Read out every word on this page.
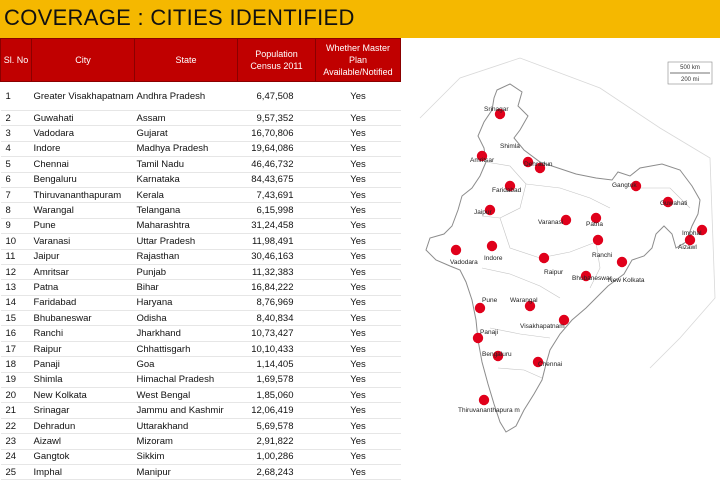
COVERAGE : CITIES IDENTIFIED
Sl. No	City	State	Population Census 2011	Whether Master Plan Available/Notified
1	Greater Visakhapatnam	Andhra Pradesh	6,47,508	Yes
2	Guwahati	Assam	9,57,352	Yes
3	Vadodara	Gujarat	16,70,806	Yes
4	Indore	Madhya Pradesh	19,64,086	Yes
5	Chennai	Tamil Nadu	46,46,732	Yes
6	Bengaluru	Karnataka	84,43,675	Yes
7	Thiruvananthapuram	Kerala	7,43,691	Yes
8	Warangal	Telangana	6,15,998	Yes
9	Pune	Maharashtra	31,24,458	Yes
10	Varanasi	Uttar Pradesh	11,98,491	Yes
11	Jaipur	Rajasthan	30,46,163	Yes
12	Amritsar	Punjab	11,32,383	Yes
13	Patna	Bihar	16,84,222	Yes
14	Faridabad	Haryana	8,76,969	Yes
15	Bhubaneswar	Odisha	8,40,834	Yes
16	Ranchi	Jharkhand	10,73,427	Yes
17	Raipur	Chhattisgarh	10,10,433	Yes
18	Panaji	Goa	1,14,405	Yes
19	Shimla	Himachal Pradesh	1,69,578	Yes
20	New Kolkata	West Bengal	1,85,060	Yes
21	Srinagar	Jammu and Kashmir	12,06,419	Yes
22	Dehradun	Uttarakhand	5,69,578	Yes
23	Aizawl	Mizoram	2,91,822	Yes
24	Gangtok	Sikkim	1,00,286	Yes
25	Imphal	Manipur	2,68,243	Yes
500 km
200 mi
Srinagar
Shimla
Amritsar
Dehradun
Faridabad
Jaipur
Gangtok
Guwahati
Varanasi	Patna
Imphal
Vadodara
Indore	Ranchi
Aizawl
Raipur
New Kolkata
Bhubaneswar
Pune Warangal
Visakhapatnam
Panaji
Bengaluru
Chennai
Thiruvananthapura m
